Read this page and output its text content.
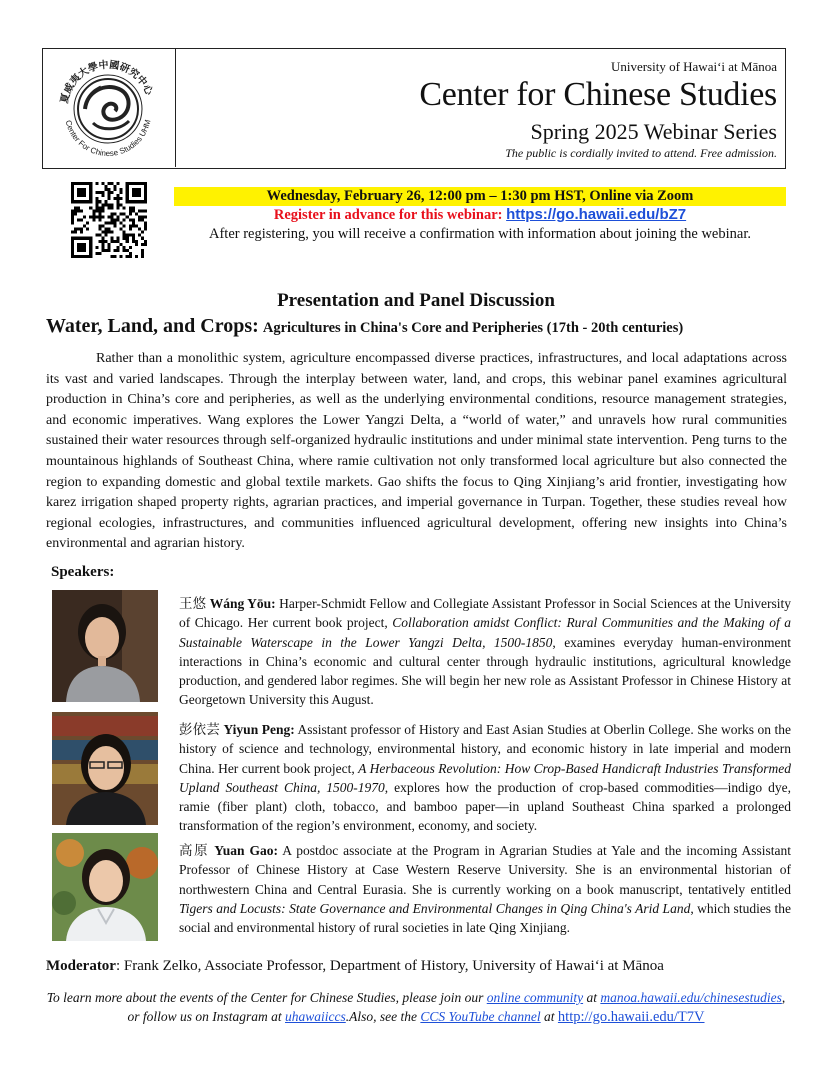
夏威夷大學中國研究中心
Center For Chinese Studies UHM
University of Hawaiʻi at Mānoa
Center for Chinese Studies
Spring 2025 Webinar Series
The public is cordially invited to attend. Free admission.
Wednesday, February 26, 12:00 pm – 1:30 pm HST, Online via Zoom
Register in advance for this webinar: https://go.hawaii.edu/bZ7
After registering, you will receive a confirmation with information about joining the webinar.
Presentation and Panel Discussion
Water, Land, and Crops: Agricultures in China's Core and Peripheries (17th - 20th centuries)

Rather than a monolithic system, agriculture encompassed diverse practices, infrastructures, and local adaptations across its vast and varied landscapes. Through the interplay between water, land, and crops, this webinar panel examines agricultural production in China’s core and peripheries, as well as the underlying environmental conditions, resource management strategies, and economic imperatives. Wang explores the Lower Yangzi Delta, a “world of water,” and unravels how rural communities sustained their water resources through self-organized hydraulic institutions and under minimal state intervention. Peng turns to the mountainous highlands of Southeast China, where ramie cultivation not only transformed local agriculture but also connected the region to expanding domestic and global textile markets. Gao shifts the focus to Qing Xinjiang’s arid frontier, investigating how karez irrigation shaped property rights, agrarian practices, and imperial governance in Turpan. Together, these studies reveal how regional ecologies, infrastructures, and communities influenced agricultural development, offering new insights into China’s environmental and agrarian history.

Speakers:

王悠 Wáng Yōu: Harper-Schmidt Fellow and Collegiate Assistant Professor in Social Sciences at the University of Chicago. Her current book project, Collaboration amidst Conflict: Rural Communities and the Making of a Sustainable Waterscape in the Lower Yangzi Delta, 1500-1850, examines everyday human-environment interactions in China’s economic and cultural center through hydraulic institutions, agricultural knowledge production, and gendered labor regimes. She will begin her new role as Assistant Professor in Chinese History at Georgetown University this August.

彭依芸 Yiyun Peng: Assistant professor of History and East Asian Studies at Oberlin College. She works on the history of science and technology, environmental history, and economic history in late imperial and modern China. Her current book project, A Herbaceous Revolution: How Crop-Based Handicraft Industries Transformed Upland Southeast China, 1500-1970, explores how the production of crop-based commodities—indigo dye, ramie (fiber plant) cloth, tobacco, and bamboo paper—in upland Southeast China sparked a prolonged transformation of the region’s environment, economy, and society.

高原 Yuan Gao: A postdoc associate at the Program in Agrarian Studies at Yale and the incoming Assistant Professor of Chinese History at Case Western Reserve University. She is an environmental historian of northwestern China and Central Eurasia. She is currently working on a book manuscript, tentatively entitled Tigers and Locusts: State Governance and Environmental Changes in Qing China's Arid Land, which studies the social and environmental history of rural societies in late Qing Xinjiang.

Moderator: Frank Zelko, Associate Professor, Department of History, University of Hawaiʻi at Mānoa
To learn more about the events of the Center for Chinese Studies, please join our online community at manoa.hawaii.edu/chinesestudies,
or follow us on Instagram at uhawaiiccs.Also, see the CCS YouTube channel at http://go.hawaii.edu/T7V
